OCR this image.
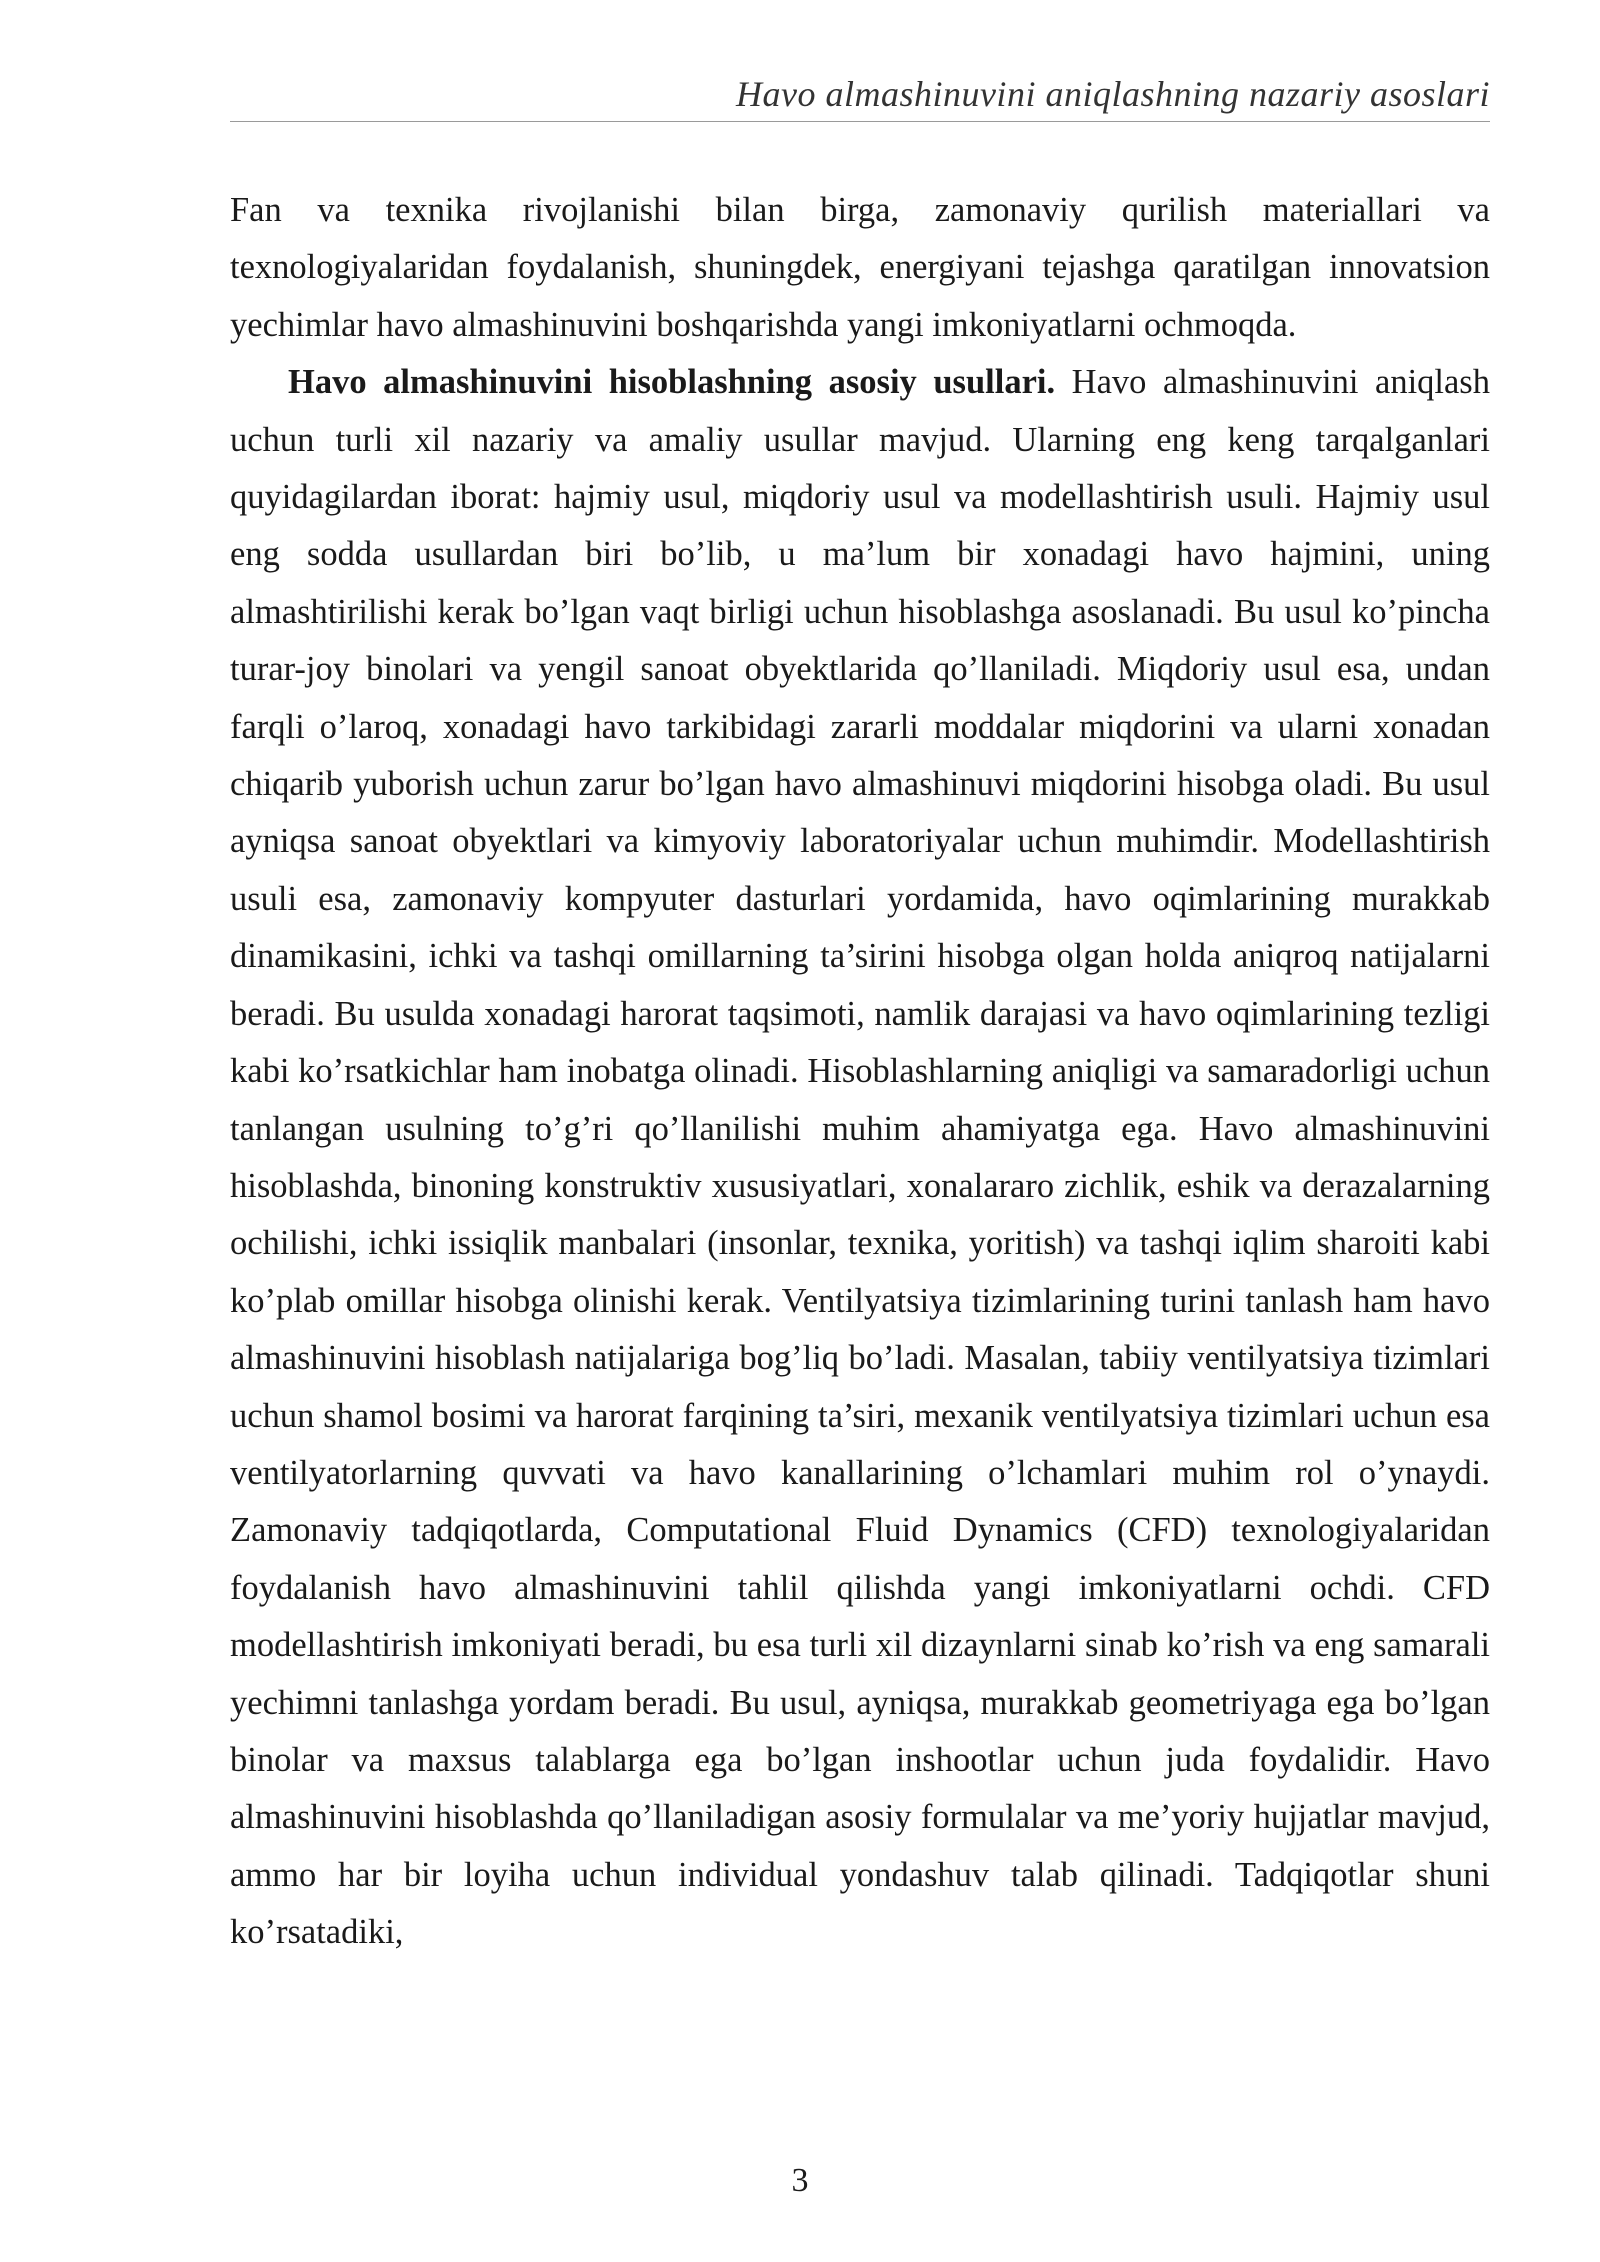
Havo almashinuvini aniqlashning nazariy asoslari

Fan va texnika rivojlanishi bilan birga, zamonaviy qurilish materiallari va texnologiyalaridan foydalanish, shuningdek, energiyani tejashga qaratilgan innovatsion yechimlar havo almashinuvini boshqarishda yangi imkoniyatlarni ochmoqda.

Havo almashinuvini hisoblashning asosiy usullari. Havo almashinuvini aniqlash uchun turli xil nazariy va amaliy usullar mavjud. Ularning eng keng tarqalganlari quyidagilardan iborat: hajmiy usul, miqdoriy usul va modellashtirish usuli. Hajmiy usul eng sodda usullardan biri bo’lib, u ma’lum bir xonadagi havo hajmini, uning almashtirilishi kerak bo’lgan vaqt birligi uchun hisoblashga asoslanadi. Bu usul ko’pincha turar-joy binolari va yengil sanoat obyektlarida qo’llaniladi. Miqdoriy usul esa, undan farqli o’laroq, xonadagi havo tarkibidagi zararli moddalar miqdorini va ularni xonadan chiqarib yuborish uchun zarur bo’lgan havo almashinuvi miqdorini hisobga oladi. Bu usul ayniqsa sanoat obyektlari va kimyoviy laboratoriyalar uchun muhimdir. Modellashtirish usuli esa, zamonaviy kompyuter dasturlari yordamida, havo oqimlarining murakkab dinamikasini, ichki va tashqi omillarning ta’sirini hisobga olgan holda aniqroq natijalarni beradi. Bu usulda xonadagi harorat taqsimoti, namlik darajasi va havo oqimlarining tezligi kabi ko’rsatkichlar ham inobatga olinadi. Hisoblashlarning aniqligi va samaradorligi uchun tanlangan usulning to’g’ri qo’llanilishi muhim ahamiyatga ega. Havo almashinuvini hisoblashda, binoning konstruktiv xususiyatlari, xonalararo zichlik, eshik va derazalarning ochilishi, ichki issiqlik manbalari (insonlar, texnika, yoritish) va tashqi iqlim sharoiti kabi ko’plab omillar hisobga olinishi kerak. Ventilyatsiya tizimlarining turini tanlash ham havo almashinuvini hisoblash natijalariga bog’liq bo’ladi. Masalan, tabiiy ventilyatsiya tizimlari uchun shamol bosimi va harorat farqining ta’siri, mexanik ventilyatsiya tizimlari uchun esa ventilyatorlarning quvvati va havo kanallarining o’lchamlari muhim rol o’ynaydi. Zamonaviy tadqiqotlarda, Computational Fluid Dynamics (CFD) texnologiyalaridan foydalanish havo almashinuvini tahlil qilishda yangi imkoniyatlarni ochdi. CFD modellashtirish imkoniyati beradi, bu esa turli xil dizaynlarni sinab ko’rish va eng samarali yechimni tanlashga yordam beradi. Bu usul, ayniqsa, murakkab geometriyaga ega bo’lgan binolar va maxsus talablarga ega bo’lgan inshootlar uchun juda foydalidir. Havo almashinuvini hisoblashda qo’llaniladigan asosiy formulalar va me’yoriy hujjatlar mavjud, ammo har bir loyiha uchun individual yondashuv talab qilinadi. Tadqiqotlar shuni ko’rsatadiki,

3
